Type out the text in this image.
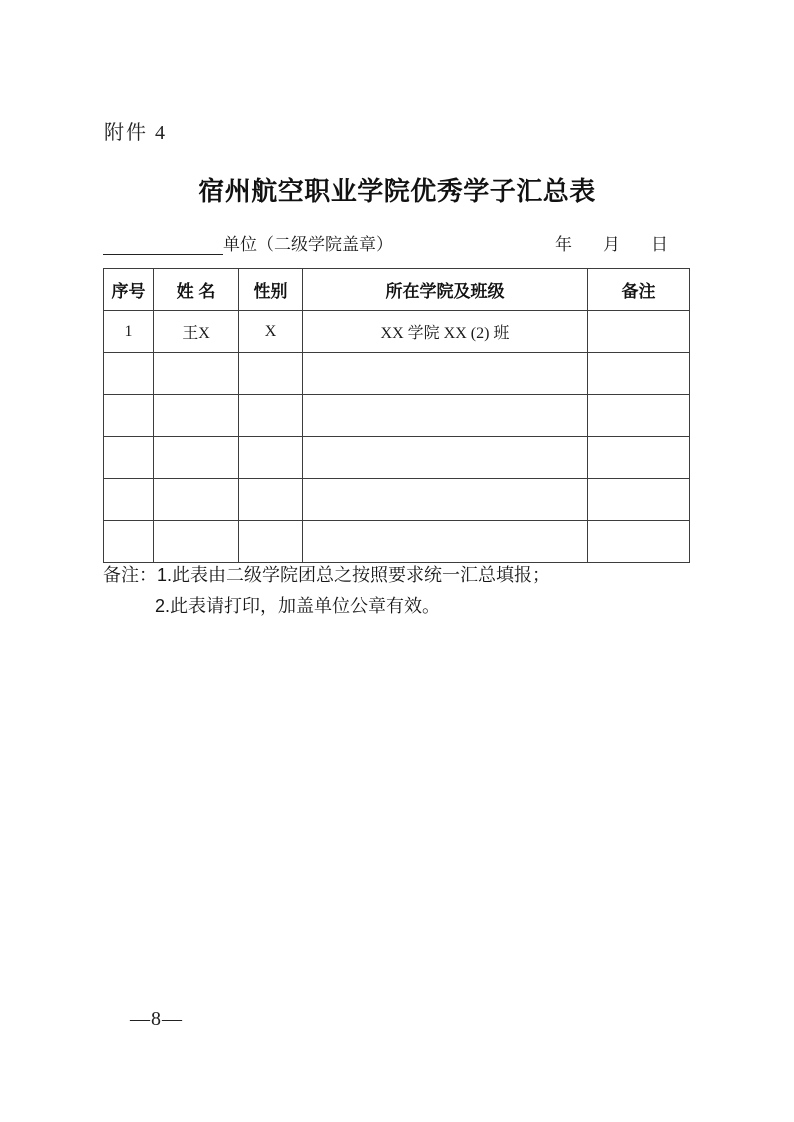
附件 4
宿州航空职业学院优秀学子汇总表
单位（二级学院盖章）	年 月 日
序号	姓 名	性别	所在学院及班级	备注
1	王X	X	XX 学院 XX (2) 班	

备注：1.此表由二级学院团总之按照要求统一汇总填报；
2.此表请打印，加盖单位公章有效。
—8—
